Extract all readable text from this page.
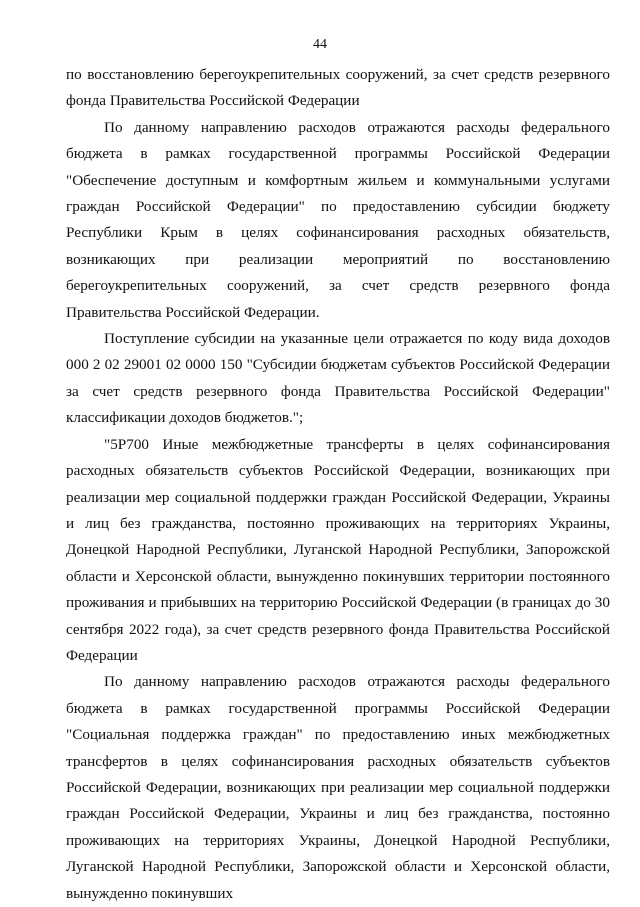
44

по восстановлению берегоукрепительных сооружений, за счет средств резервного фонда Правительства Российской Федерации

По данному направлению расходов отражаются расходы федерального бюджета в рамках государственной программы Российской Федерации "Обеспечение доступным и комфортным жильем и коммунальными услугами граждан Российской Федерации" по предоставлению субсидии бюджету Республики Крым в целях софинансирования расходных обязательств, возникающих при реализации мероприятий по восстановлению берегоукрепительных сооружений, за счет средств резервного фонда Правительства Российской Федерации.

Поступление субсидии на указанные цели отражается по коду вида доходов 000 2 02 29001 02 0000 150 "Субсидии бюджетам субъектов Российской Федерации за счет средств резервного фонда Правительства Российской Федерации" классификации доходов бюджетов.";

"5Р700 Иные межбюджетные трансферты в целях софинансирования расходных обязательств субъектов Российской Федерации, возникающих при реализации мер социальной поддержки граждан Российской Федерации, Украины и лиц без гражданства, постоянно проживающих на территориях Украины, Донецкой Народной Республики, Луганской Народной Республики, Запорожской области и Херсонской области, вынужденно покинувших территории постоянного проживания и прибывших на территорию Российской Федерации (в границах до 30 сентября 2022 года), за счет средств резервного фонда Правительства Российской Федерации

По данному направлению расходов отражаются расходы федерального бюджета в рамках государственной программы Российской Федерации "Социальная поддержка граждан" по предоставлению иных межбюджетных трансфертов в целях софинансирования расходных обязательств субъектов Российской Федерации, возникающих при реализации мер социальной поддержки граждан Российской Федерации, Украины и лиц без гражданства, постоянно проживающих на территориях Украины, Донецкой Народной Республики, Луганской Народной Республики, Запорожской области и Херсонской области, вынужденно покинувших
